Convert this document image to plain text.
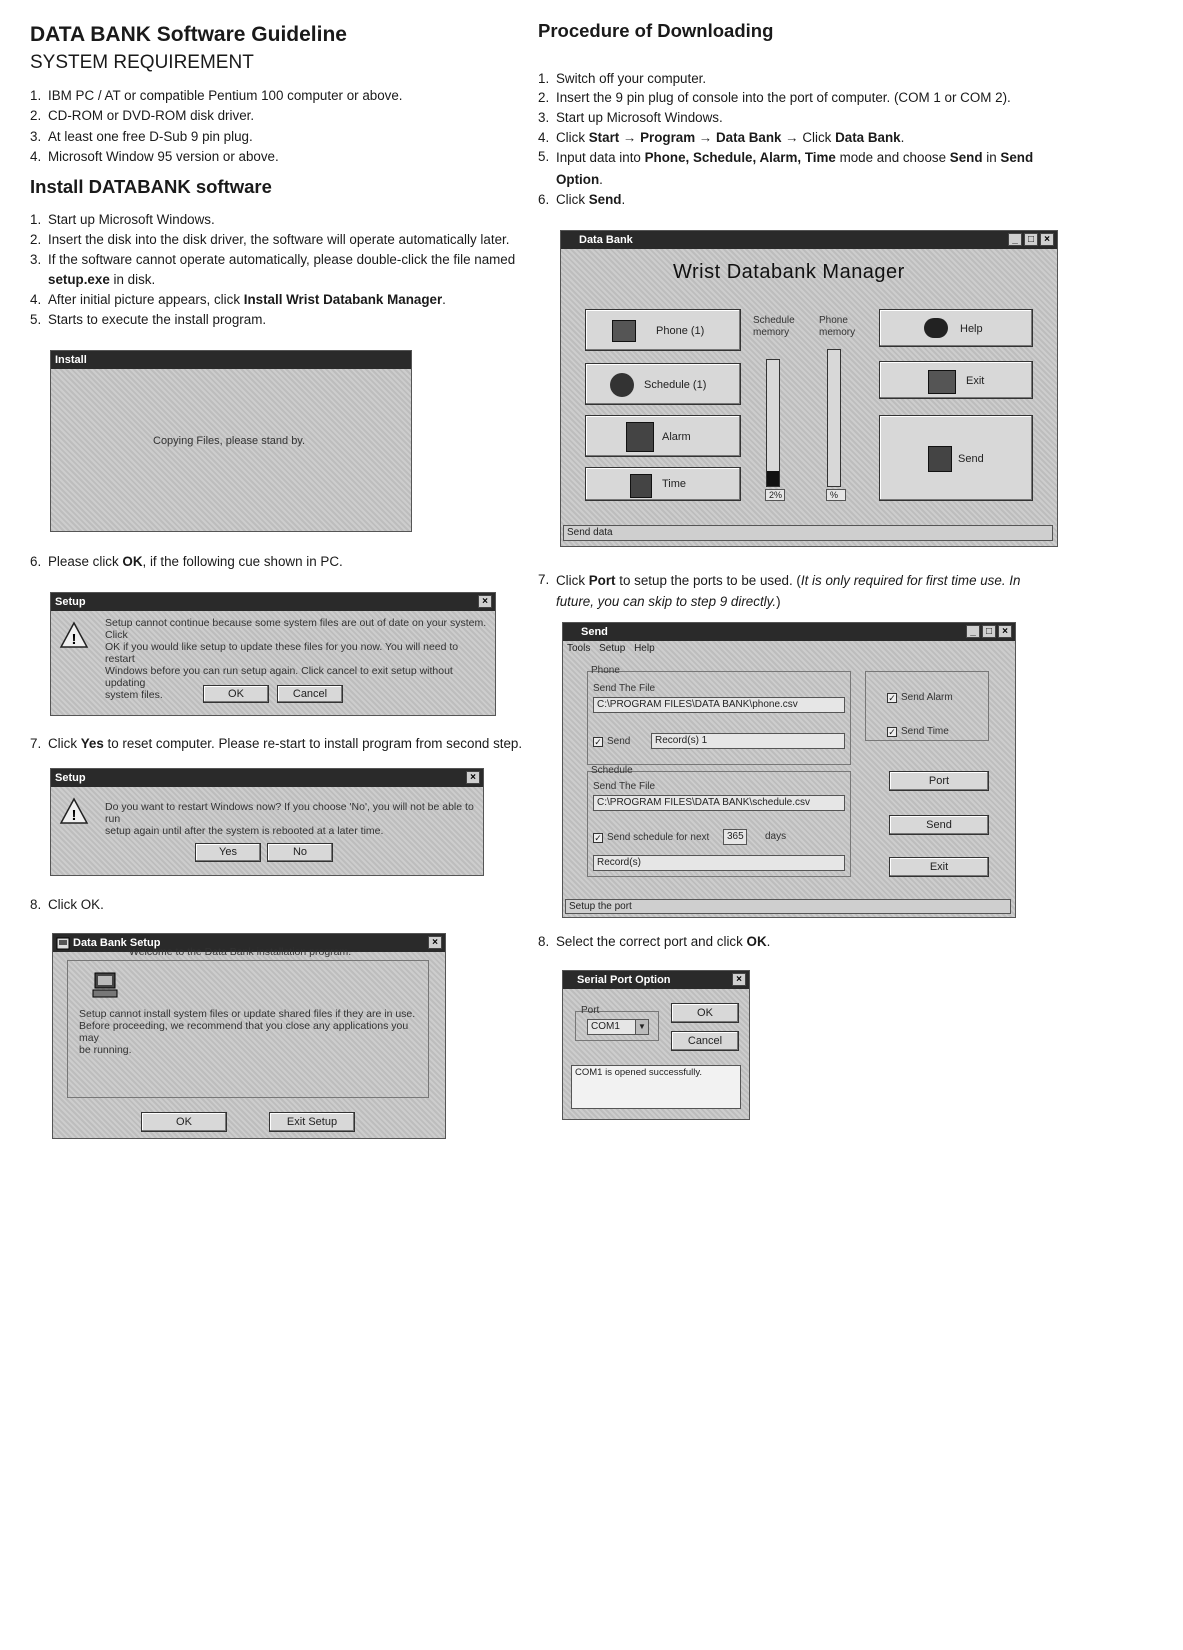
DATA BANK Software Guideline
SYSTEM REQUIREMENT
1. IBM PC / AT or compatible Pentium 100 computer or above.
2. CD-ROM or DVD-ROM disk driver.
3. At least one free D-Sub 9 pin plug.
4. Microsoft Window 95 version or above.
Install DATABANK software
1. Start up Microsoft Windows.
2. Insert the disk into the disk driver, the software will operate automatically later.
3. If the software cannot operate automatically, please double-click the file named
setup.exe in disk.
4. After initial picture appears, click Install Wrist Databank Manager.
5. Starts to execute the install program.
Install
Copying Files, please stand by.
6. Please click OK, if the following cue shown in PC.
Setup	×
!
Setup cannot continue because some system files are out of date on your system. Click
OK if you would like setup to update these files for you now. You will need to restart
Windows before you can run setup again. Click cancel to exit setup without updating
system files.	OK	Cancel
7. Click Yes to reset computer. Please re-start to install program from second step.
Setup	×
!	Do you want to restart Windows now? If you choose 'No', you will not be able to run
setup again until after the system is rebooted at a later time.
Yes	No
8. Click OK.
Data Bank Setup	×
Welcome to the Data Bank installation program.
Setup cannot install system files or update shared files if they are in use.
Before proceeding, we recommend that you close any applications you may
be running.
OK	Exit Setup
Procedure of Downloading
1. Switch off your computer.
2. Insert the 9 pin plug of console into the port of computer. (COM 1 or COM 2).
3. Start up Microsoft Windows.
4. Click Start → Program → Data Bank → Click Data Bank.
5. Input data into Phone, Schedule, Alarm, Time mode and choose Send in Send
Option.
6. Click Send.
Data Bank	_	□	×
Wrist Databank Manager
Phone (1)
Schedule (1)
Alarm
Time
Schedule memory
Phone memory
2%	%
Help
Exit
Send
Send data
7. Click Port to setup the ports to be used. (It is only required for first time use. In
future, you can skip to step 9 directly.)
Send	_	□	×
Tools Setup Help
Phone
Send The File
C:\PROGRAM FILES\DATA BANK\phone.csv
✓ Send	Record(s) 1
Schedule
Send The File
C:\PROGRAM FILES\DATA BANK\schedule.csv
✓ Send schedule for next	365	days
Record(s)
✓ Send Alarm
✓ Send Time
Port
Send
Exit
Setup the port
8. Select the correct port and click OK.
Serial Port Option	×
Port
COM1	▼
OK
Cancel
COM1 is opened successfully.
